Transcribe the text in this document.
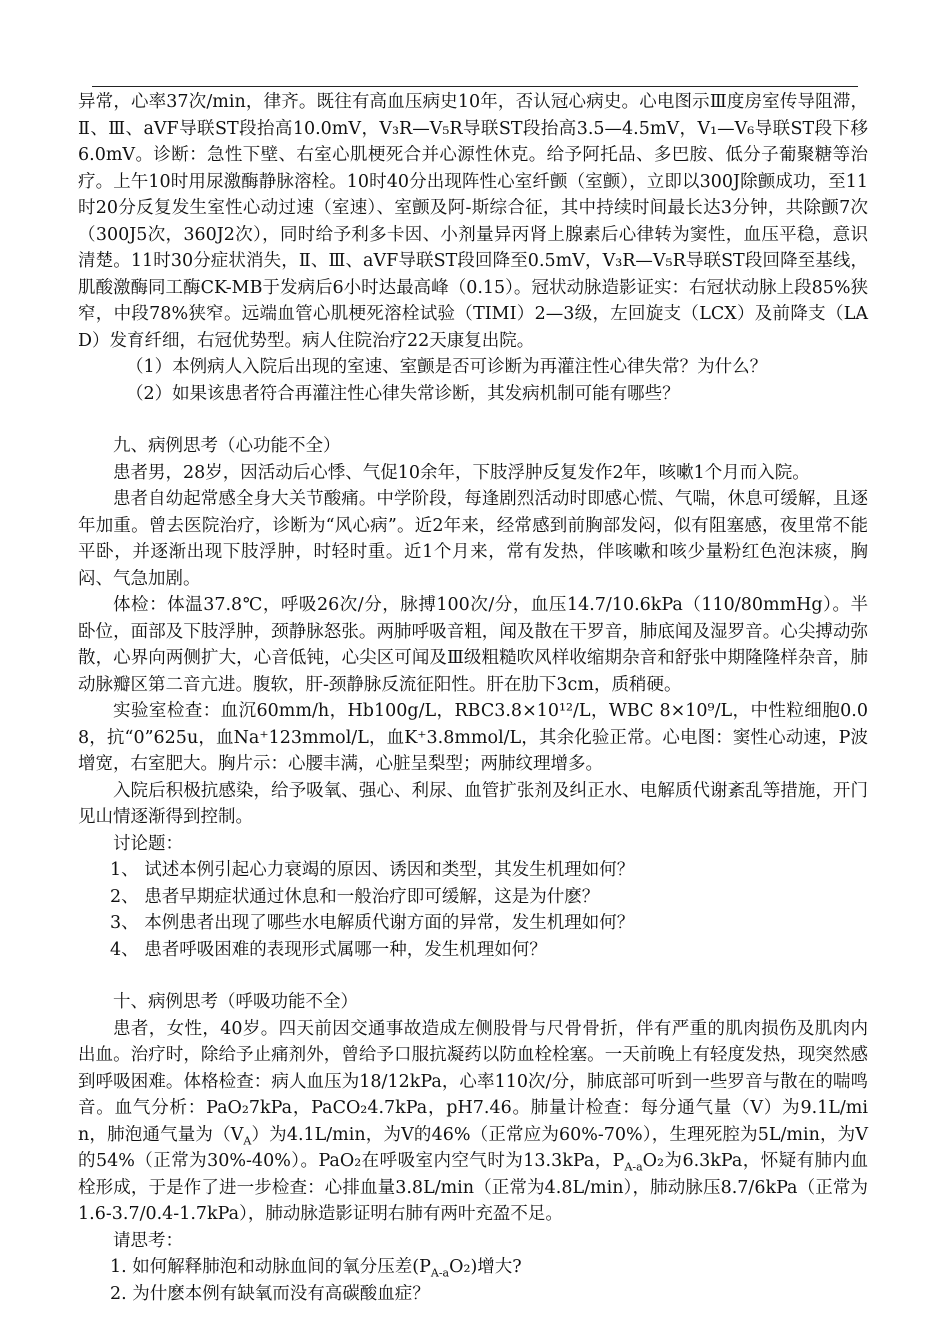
异常，心率37次/min，律齐。既往有高血压病史10年，否认冠心病史。心电图示Ⅲ度房室传导阻滞，Ⅱ、Ⅲ、aVF导联ST段抬高10.0mV，V₃R—V₅R导联ST段抬高3.5—4.5mV，V₁—V₆导联ST段下移6.0mV。诊断：急性下壁、右室心肌梗死合并心源性休克。给予阿托品、多巴胺、低分子葡聚糖等治疗。上午10时用尿激酶静脉溶栓。10时40分出现阵性心室纤颤（室颤），立即以300J除颤成功，至11时20分反复发生室性心动过速（室速）、室颤及阿-斯综合征，其中持续时间最长达3分钟，共除颤7次（300J5次，360J2次），同时给予利多卡因、小剂量异丙肾上腺素后心律转为窦性，血压平稳，意识清楚。11时30分症状消失，Ⅱ、Ⅲ、aVF导联ST段回降至0.5mV，V₃R—V₅R导联ST段回降至基线，肌酸激酶同工酶CK-MB于发病后6小时达最高峰（0.15）。冠状动脉造影证实：右冠状动脉上段85%狭窄，中段78%狭窄。远端血管心肌梗死溶栓试验（TIMI）2—3级，左回旋支（LCX）及前降支（LAD）发育纤细，右冠优势型。病人住院治疗22天康复出院。

（1）本例病人入院后出现的室速、室颤是否可诊断为再灌注性心律失常？为什么？

（2）如果该患者符合再灌注性心律失常诊断，其发病机制可能有哪些？

九、病例思考（心功能不全）

患者男，28岁，因活动后心悸、气促10余年，下肢浮肿反复发作2年，咳嗽1个月而入院。

患者自幼起常感全身大关节酸痛。中学阶段，每逢剧烈活动时即感心慌、气喘，休息可缓解，且逐年加重。曾去医院治疗，诊断为“风心病”。近2年来，经常感到前胸部发闷，似有阻塞感，夜里常不能平卧，并逐渐出现下肢浮肿，时轻时重。近1个月来，常有发热，伴咳嗽和咳少量粉红色泡沫痰，胸闷、气急加剧。

体检：体温37.8℃，呼吸26次/分，脉搏100次/分，血压14.7/10.6kPa（110/80mmHg）。半卧位，面部及下肢浮肿，颈静脉怒张。两肺呼吸音粗，闻及散在干罗音，肺底闻及湿罗音。心尖搏动弥散，心界向两侧扩大，心音低钝，心尖区可闻及Ⅲ级粗糙吹风样收缩期杂音和舒张中期隆隆样杂音，肺动脉瓣区第二音亢进。腹软，肝-颈静脉反流征阳性。肝在肋下3cm，质稍硬。

实验室检查：血沉60mm/h，Hb100g/L，RBC3.8×10¹²/L，WBC 8×10⁹/L，中性粒细胞0.08，抗“0”625u，血Na⁺123mmol/L，血K⁺3.8mmol/L，其余化验正常。心电图：窦性心动速，P波增宽，右室肥大。胸片示：心腰丰满，心脏呈梨型；两肺纹理增多。

入院后积极抗感染，给予吸氧、强心、利尿、血管扩张剂及纠正水、电解质代谢紊乱等措施，开门见山情逐渐得到控制。

讨论题：

1、 试述本例引起心力衰竭的原因、诱因和类型，其发生机理如何？

2、 患者早期症状通过休息和一般治疗即可缓解，这是为什麽？

3、 本例患者出现了哪些水电解质代谢方面的异常，发生机理如何？

4、 患者呼吸困难的表现形式属哪一种，发生机理如何？

十、病例思考（呼吸功能不全）

患者，女性，40岁。四天前因交通事故造成左侧股骨与尺骨骨折，伴有严重的肌肉损伤及肌肉内出血。治疗时，除给予止痛剂外，曾给予口服抗凝药以防血栓栓塞。一天前晚上有轻度发热，现突然感到呼吸困难。体格检查：病人血压为18/12kPa，心率110次/分，肺底部可听到一些罗音与散在的喘鸣音。血气分析：PaO₂7kPa，PaCO₂4.7kPa，pH7.46。肺量计检查：每分通气量（V）为9.1L/min，肺泡通气量为$(V_A)$为4.1L/min，为V的46%（正常应为60%-70%），生理死腔为5L/min，为V的54%（正常为30%-40%）。PaO₂在呼吸室内空气时为13.3kPa，$P_{A-a}O_2$为6.3kPa，怀疑有肺内血栓形成，于是作了进一步检查：心排血量3.8L/min（正常为4.8L/min），肺动脉压8.7/6kPa（正常为1.6-3.7/0.4-1.7kPa），肺动脉造影证明右肺有两叶充盈不足。

请思考：

1. 如何解释肺泡和动脉血间的氧分压差$(P_{A-a}O_2)$增大?

2. 为什麽本例有缺氧而没有高碳酸血症？
